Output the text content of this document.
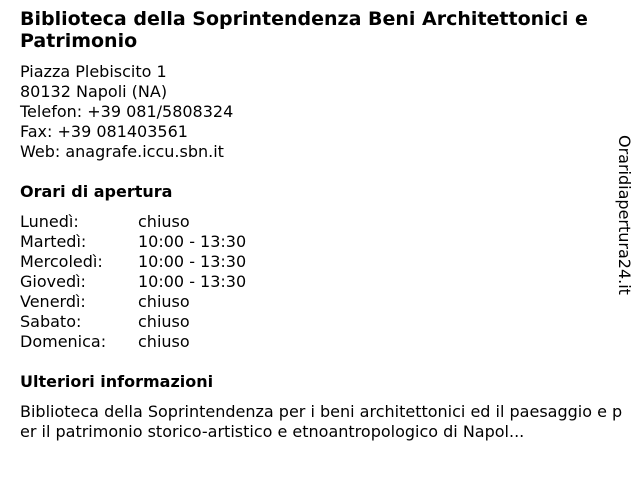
Biblioteca della Soprintendenza Beni Architettonici e Patrimonio
Piazza Plebiscito 1
80132 Napoli (NA)
Telefon: +39 081/5808324
Fax: +39 081403561
Web: anagrafe.iccu.sbn.it
Orari di apertura
Lunedì:	chiuso
Martedì:	10:00 - 13:30
Mercoledì:	10:00 - 13:30
Giovedì:	10:00 - 13:30
Venerdì:	chiuso
Sabato:	chiuso
Domenica:	chiuso
Ulteriori informazioni
Biblioteca della Soprintendenza per i beni architettonici ed il paesaggio e per il patrimonio storico-artistico e etnoantropologico di Napol...
Oraridiapertura24.it
